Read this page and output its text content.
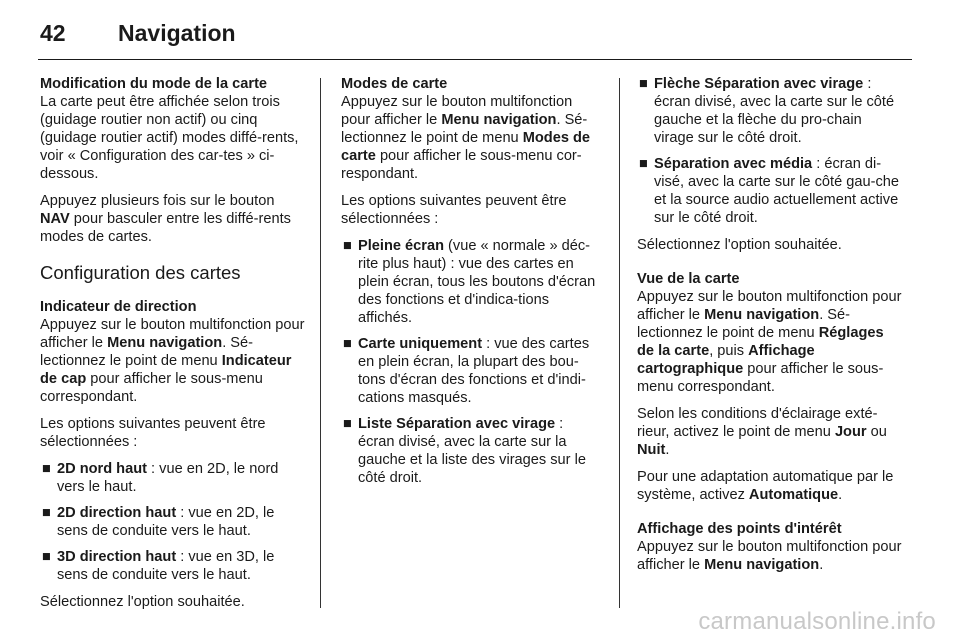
42 Navigation

Modification du mode de la carte

La carte peut être affichée selon trois (guidage routier non actif) ou cinq (guidage routier actif) modes diffé-rents, voir « Configuration des car-tes » ci-dessous.

Appuyez plusieurs fois sur le bouton NAV pour basculer entre les diffé-rents modes de cartes.

Configuration des cartes

Indicateur de direction

Appuyez sur le bouton multifonction pour afficher le Menu navigation. Sé-lectionnez le point de menu Indicateur de cap pour afficher le sous-menu correspondant.

Les options suivantes peuvent être sélectionnées :

■ 2D nord haut : vue en 2D, le nord vers le haut.
■ 2D direction haut : vue en 2D, le sens de conduite vers le haut.
■ 3D direction haut : vue en 3D, le sens de conduite vers le haut.

Sélectionnez l'option souhaitée.

Modes de carte

Appuyez sur le bouton multifonction pour afficher le Menu navigation. Sé-lectionnez le point de menu Modes de carte pour afficher le sous-menu cor-respondant.

Les options suivantes peuvent être sélectionnées :

■ Pleine écran (vue « normale » déc-rite plus haut) : vue des cartes en plein écran, tous les boutons d'écran des fonctions et d'indica-tions affichés.
■ Carte uniquement : vue des cartes en plein écran, la plupart des bou-tons d'écran des fonctions et d'indi-cations masqués.
■ Liste Séparation avec virage : écran divisé, avec la carte sur la gauche et la liste des virages sur le côté droit.
■ Flèche Séparation avec virage : écran divisé, avec la carte sur le côté gauche et la flèche du pro-chain virage sur le côté droit.
■ Séparation avec média : écran di-visé, avec la carte sur le côté gau-che et la source audio actuellement active sur le côté droit.

Sélectionnez l'option souhaitée.

Vue de la carte

Appuyez sur le bouton multifonction pour afficher le Menu navigation. Sé-lectionnez le point de menu Réglages de la carte, puis Affichage cartographique pour afficher le sous-menu correspondant.

Selon les conditions d'éclairage exté-rieur, activez le point de menu Jour ou Nuit.

Pour une adaptation automatique par le système, activez Automatique.

Affichage des points d'intérêt

Appuyez sur le bouton multifonction pour afficher le Menu navigation.

carmanualsonline.info
